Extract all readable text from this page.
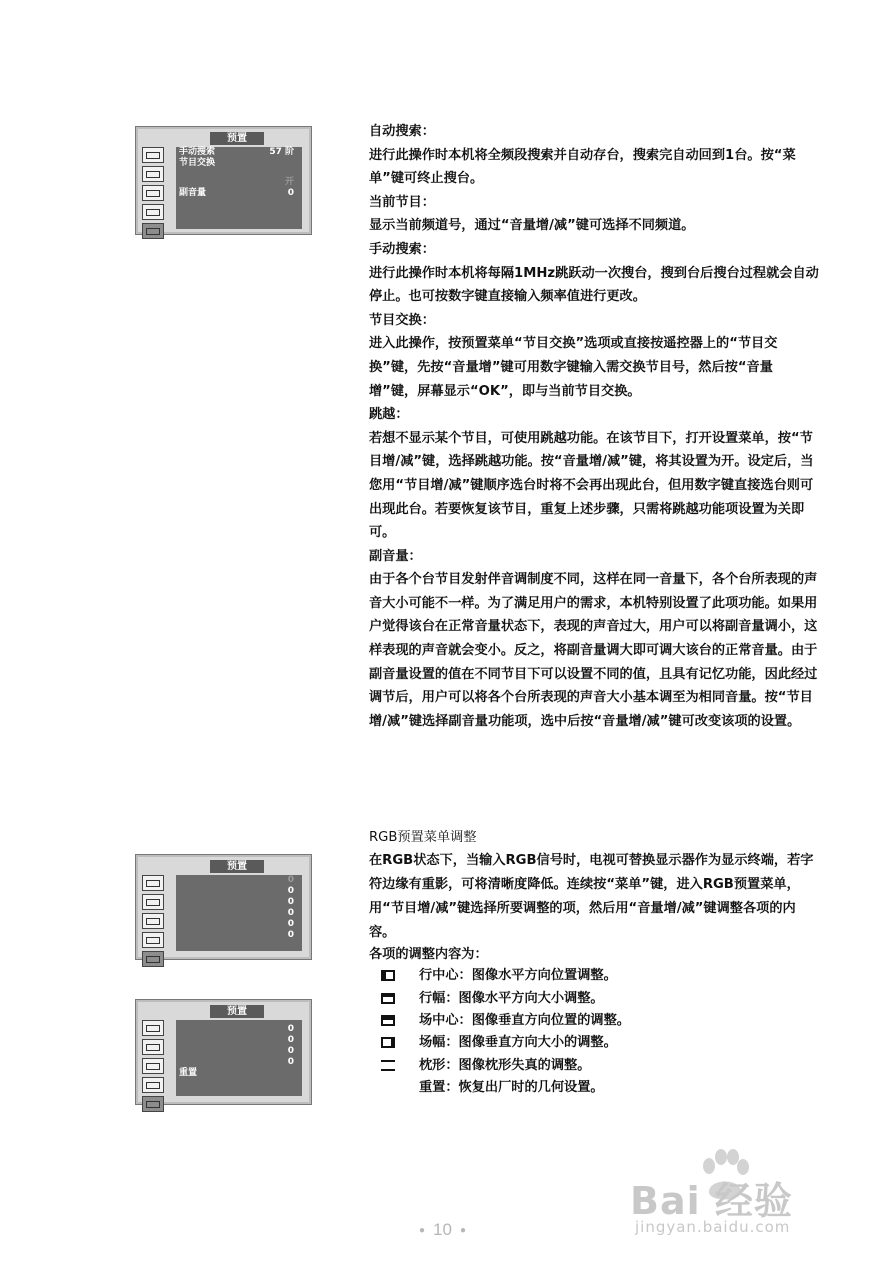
预置
手动搜索	57 阶
节目交换
开
副音量	0
预置
0
0
0
0
0
0
预置
0
0
0
0
重置

自动搜索：

进行此操作时本机将全频段搜索并自动存台，搜索完自动回到1台。按“菜单”键可终止搜台。

当前节目：

显示当前频道号，通过“音量增/减”键可选择不同频道。

手动搜索：

进行此操作时本机将每隔1MHz跳跃动一次搜台，搜到台后搜台过程就会自动停止。也可按数字键直接输入频率值进行更改。

节目交换：

进入此操作，按预置菜单“节目交换”选项或直接按遥控器上的“节目交换”键，先按“音量增”键可用数字键输入需交换节目号，然后按“音量增”键，屏幕显示“OK”，即与当前节目交换。

跳越：

若想不显示某个节目，可使用跳越功能。在该节目下，打开设置菜单，按“节目增/减”键，选择跳越功能。按“音量增/减”键，将其设置为开。设定后，当您用“节目增/减”键顺序选台时将不会再出现此台，但用数字键直接选台则可出现此台。若要恢复该节目，重复上述步骤，只需将跳越功能项设置为关即可。

副音量：

由于各个台节目发射伴音调制度不同，这样在同一音量下，各个台所表现的声音大小可能不一样。为了满足用户的需求，本机特别设置了此项功能。如果用户觉得该台在正常音量状态下，表现的声音过大，用户可以将副音量调小，这样表现的声音就会变小。反之，将副音量调大即可调大该台的正常音量。由于副音量设置的值在不同节目下可以设置不同的值，且具有记忆功能，因此经过调节后，用户可以将各个台所表现的声音大小基本调至为相同音量。按“节目增/减”键选择副音量功能项，选中后按“音量增/减”键可改变该项的设置。

RGB预置菜单调整

在RGB状态下，当输入RGB信号时，电视可替换显示器作为显示终端，若字符边缘有重影，可将清晰度降低。连续按“菜单”键，进入RGB预置菜单，用“节目增/减”键选择所要调整的项，然后用“音量增/减”键调整各项的内容。

各项的调整内容为：

行中心：图像水平方向位置调整。
行幅：图像水平方向大小调整。
场中心：图像垂直方向位置的调整。
场幅：图像垂直方向大小的调整。
枕形：图像枕形失真的调整。
重置：恢复出厂时的几何设置。
● 10 ●
Bai 经验
jingyan.baidu.com
